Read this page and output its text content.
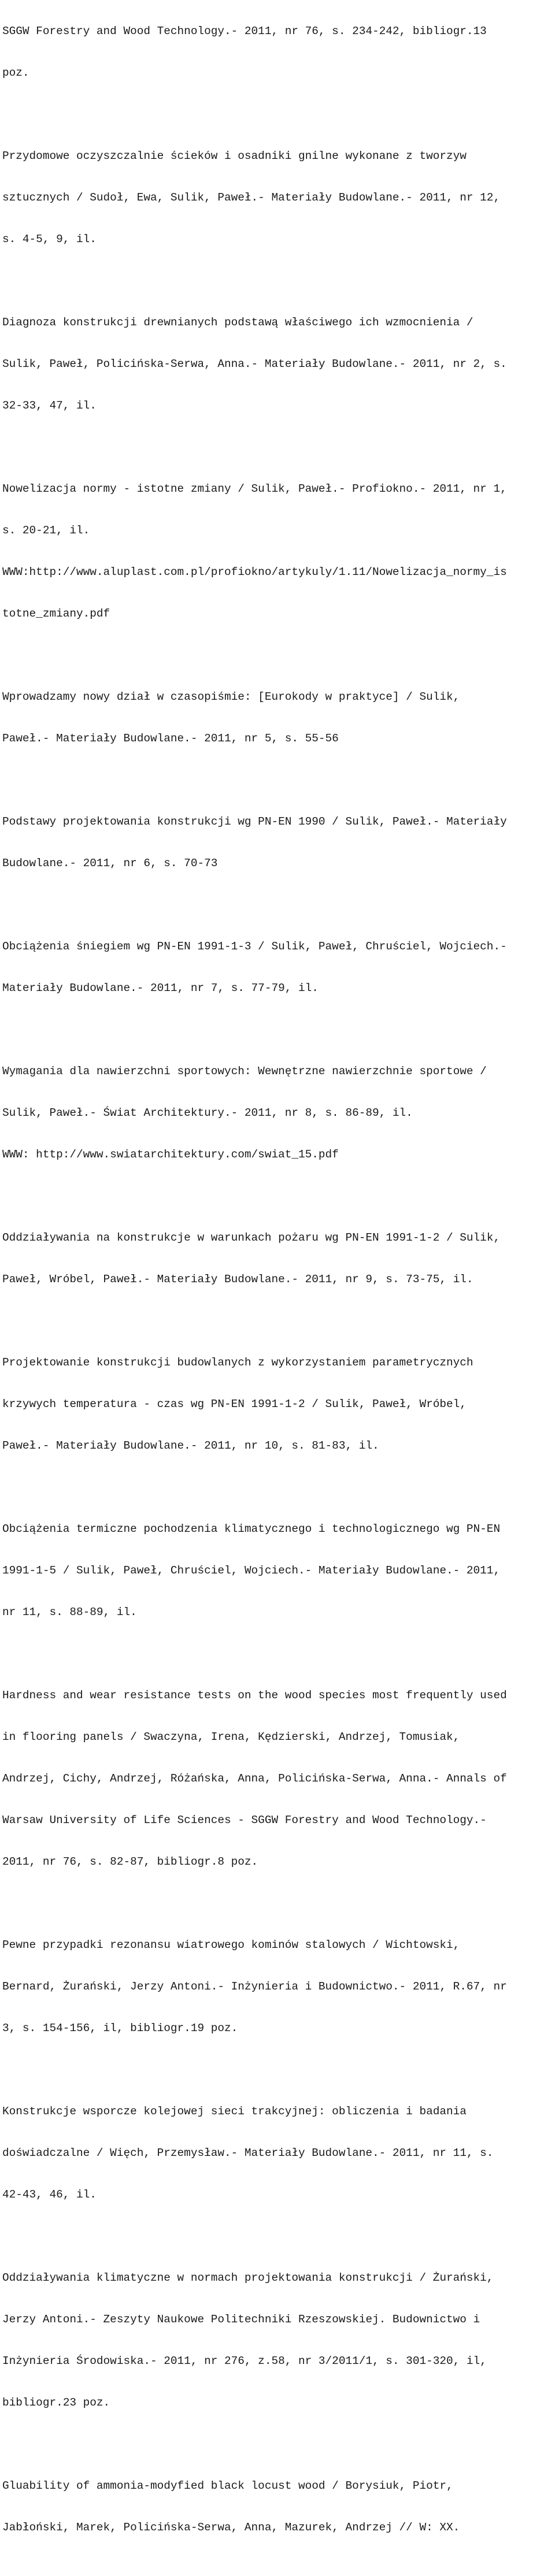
SGGW Forestry and Wood Technology.- 2011, nr 76, s. 234-242, bibliogr.13

poz.

Przydomowe oczyszczalnie ścieków i osadniki gnilne wykonane z tworzyw

sztucznych / Sudoł, Ewa, Sulik, Paweł.- Materiały Budowlane.- 2011, nr 12,

s. 4-5, 9, il.

Diagnoza konstrukcji drewnianych podstawą właściwego ich wzmocnienia /

Sulik, Paweł, Policińska-Serwa, Anna.- Materiały Budowlane.- 2011, nr 2, s.

32-33, 47, il.

Nowelizacja normy - istotne zmiany / Sulik, Paweł.- Profiokno.- 2011, nr 1,

s. 20-21, il.

WWW:http://www.aluplast.com.pl/profiokno/artykuly/1.11/Nowelizacja_normy_is

totne_zmiany.pdf

Wprowadzamy nowy dział w czasopiśmie: [Eurokody w praktyce] / Sulik,

Paweł.- Materiały Budowlane.- 2011, nr 5, s. 55-56

Podstawy projektowania konstrukcji wg PN-EN 1990 / Sulik, Paweł.- Materiały

Budowlane.- 2011, nr 6, s. 70-73

Obciążenia śniegiem wg PN-EN 1991-1-3 / Sulik, Paweł, Chruściel, Wojciech.-

Materiały Budowlane.- 2011, nr 7, s. 77-79, il.

Wymagania dla nawierzchni sportowych: Wewnętrzne nawierzchnie sportowe /

Sulik, Paweł.- Świat Architektury.- 2011, nr 8, s. 86-89, il.

WWW: http://www.swiatarchitektury.com/swiat_15.pdf

Oddziaływania na konstrukcje w warunkach pożaru wg PN-EN 1991-1-2 / Sulik,

Paweł, Wróbel, Paweł.- Materiały Budowlane.- 2011, nr 9, s. 73-75, il.

Projektowanie konstrukcji budowlanych z wykorzystaniem parametrycznych

krzywych temperatura - czas wg PN-EN 1991-1-2 / Sulik, Paweł, Wróbel,

Paweł.- Materiały Budowlane.- 2011, nr 10, s. 81-83, il.

Obciążenia termiczne pochodzenia klimatycznego i technologicznego wg PN-EN

1991-1-5 / Sulik, Paweł, Chruściel, Wojciech.- Materiały Budowlane.- 2011,

nr 11, s. 88-89, il.

Hardness and wear resistance tests on the wood species most frequently used

in flooring panels / Swaczyna, Irena, Kędzierski, Andrzej, Tomusiak,

Andrzej, Cichy, Andrzej, Różańska, Anna, Policińska-Serwa, Anna.- Annals of

Warsaw University of Life Sciences - SGGW Forestry and Wood Technology.-

2011, nr 76, s. 82-87, bibliogr.8 poz.

Pewne przypadki rezonansu wiatrowego kominów stalowych / Wichtowski,

Bernard, Żurański, Jerzy Antoni.- Inżynieria i Budownictwo.- 2011, R.67, nr

3, s. 154-156, il, bibliogr.19 poz.

Konstrukcje wsporcze kolejowej sieci trakcyjnej: obliczenia i badania

doświadczalne / Więch, Przemysław.- Materiały Budowlane.- 2011, nr 11, s.

42-43, 46, il.

Oddziaływania klimatyczne w normach projektowania konstrukcji / Żurański,

Jerzy Antoni.- Zeszyty Naukowe Politechniki Rzeszowskiej. Budownictwo i

Inżynieria Środowiska.- 2011, nr 276, z.58, nr 3/2011/1, s. 301-320, il,

bibliogr.23 poz.

Gluability of ammonia-modyfied black locust wood / Borysiuk, Piotr,

Jabłoński, Marek, Policińska-Serwa, Anna, Mazurek, Andrzej // W: XX.
